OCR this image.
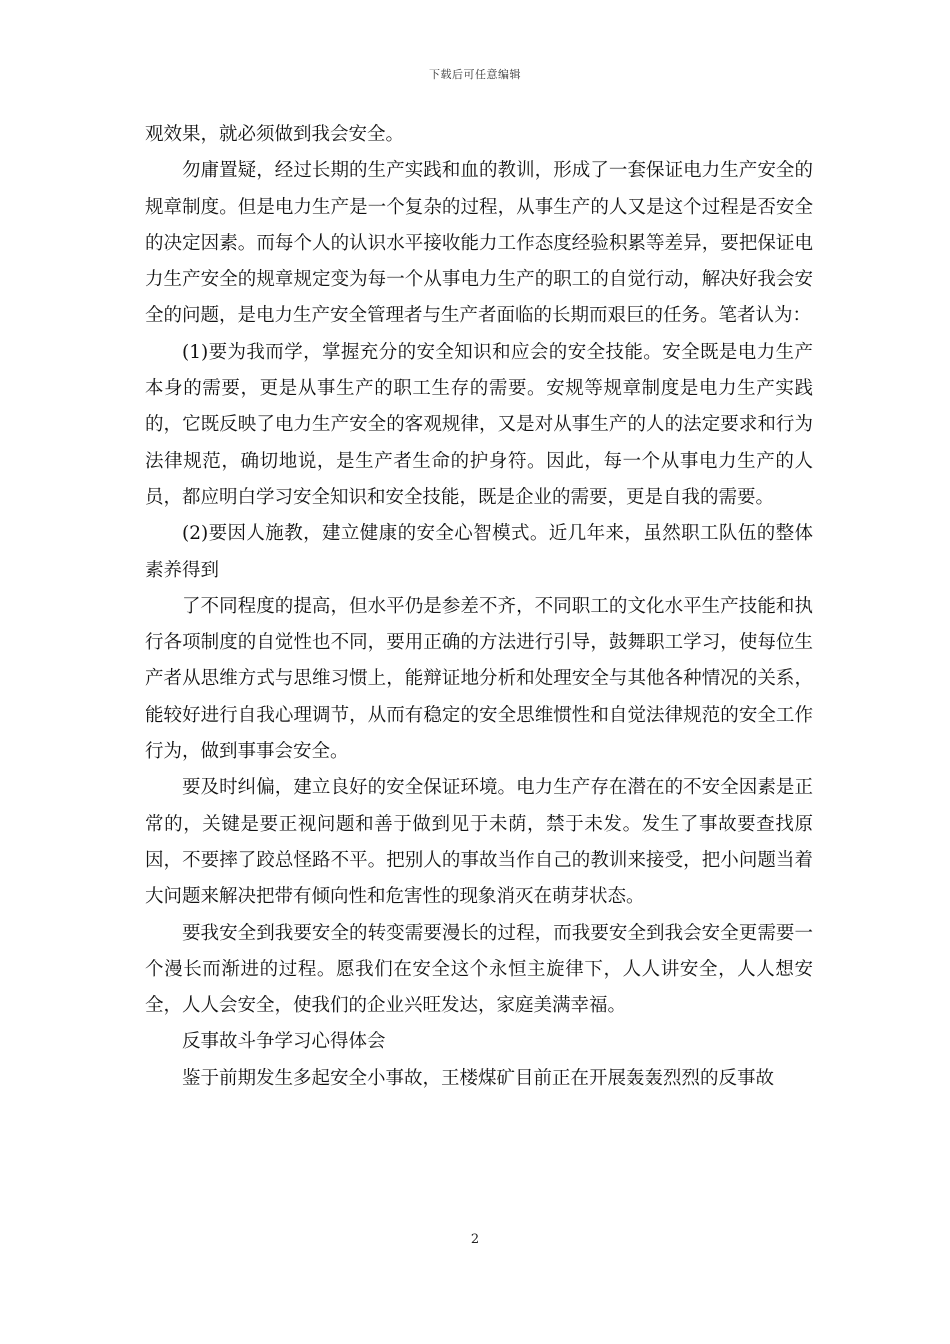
下载后可任意编辑

观效果，就必须做到我会安全。

勿庸置疑，经过长期的生产实践和血的教训，形成了一套保证电力生产安全的规章制度。但是电力生产是一个复杂的过程，从事生产的人又是这个过程是否安全的决定因素。而每个人的认识水平接收能力工作态度经验积累等差异，要把保证电力生产安全的规章规定变为每一个从事电力生产的职工的自觉行动，解决好我会安全的问题，是电力生产安全管理者与生产者面临的长期而艰巨的任务。笔者认为：

(1)要为我而学，掌握充分的安全知识和应会的安全技能。安全既是电力生产本身的需要，更是从事生产的职工生存的需要。安规等规章制度是电力生产实践的，它既反映了电力生产安全的客观规律，又是对从事生产的人的法定要求和行为法律规范，确切地说，是生产者生命的护身符。因此，每一个从事电力生产的人员，都应明白学习安全知识和安全技能，既是企业的需要，更是自我的需要。

(2)要因人施教，建立健康的安全心智模式。近几年来，虽然职工队伍的整体素养得到

了不同程度的提高，但水平仍是参差不齐，不同职工的文化水平生产技能和执行各项制度的自觉性也不同，要用正确的方法进行引导，鼓舞职工学习，使每位生产者从思维方式与思维习惯上，能辩证地分析和处理安全与其他各种情况的关系，能较好进行自我心理调节，从而有稳定的安全思维惯性和自觉法律规范的安全工作行为，做到事事会安全。

要及时纠偏，建立良好的安全保证环境。电力生产存在潜在的不安全因素是正常的，关键是要正视问题和善于做到见于未荫，禁于未发。发生了事故要查找原因，不要摔了跤总怪路不平。把别人的事故当作自己的教训来接受，把小问题当着大问题来解决把带有倾向性和危害性的现象消灭在萌芽状态。

要我安全到我要安全的转变需要漫长的过程，而我要安全到我会安全更需要一个漫长而渐进的过程。愿我们在安全这个永恒主旋律下，人人讲安全，人人想安全，人人会安全，使我们的企业兴旺发达，家庭美满幸福。

反事故斗争学习心得体会

鉴于前期发生多起安全小事故，王楼煤矿目前正在开展轰轰烈烈的反事故

2
